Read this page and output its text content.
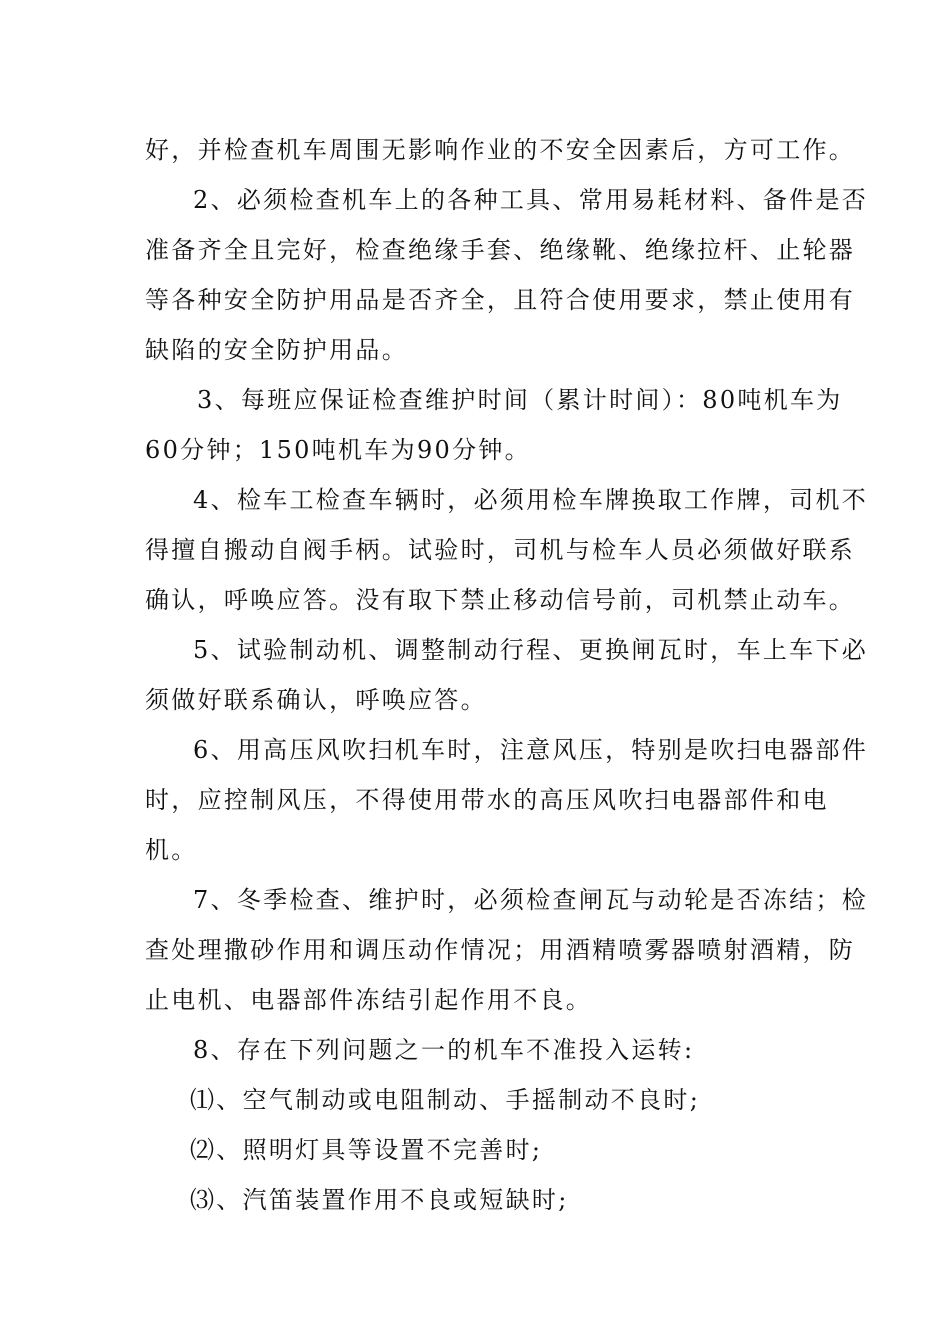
好，并检查机车周围无影响作业的不安全因素后，方可工作。
2、必须检查机车上的各种工具、常用易耗材料、备件是否
准备齐全且完好，检查绝缘手套、绝缘靴、绝缘拉杆、止轮器
等各种安全防护用品是否齐全，且符合使用要求，禁止使用有
缺陷的安全防护用品。
3、每班应保证检查维护时间（累计时间）：80吨机车为
60分钟；150吨机车为90分钟。
4、检车工检查车辆时，必须用检车牌换取工作牌，司机不
得擅自搬动自阀手柄。试验时，司机与检车人员必须做好联系
确认，呼唤应答。没有取下禁止移动信号前，司机禁止动车。
5、试验制动机、调整制动行程、更换闸瓦时，车上车下必
须做好联系确认，呼唤应答。
6、用高压风吹扫机车时，注意风压，特别是吹扫电器部件
时，应控制风压，不得使用带水的高压风吹扫电器部件和电
机。
7、冬季检查、维护时，必须检查闸瓦与动轮是否冻结；检
查处理撒砂作用和调压动作情况；用酒精喷雾器喷射酒精，防
止电机、电器部件冻结引起作用不良。
8、存在下列问题之一的机车不准投入运转:
⑴、空气制动或电阻制动、手摇制动不良时;
⑵、照明灯具等设置不完善时;
⑶、汽笛装置作用不良或短缺时;
